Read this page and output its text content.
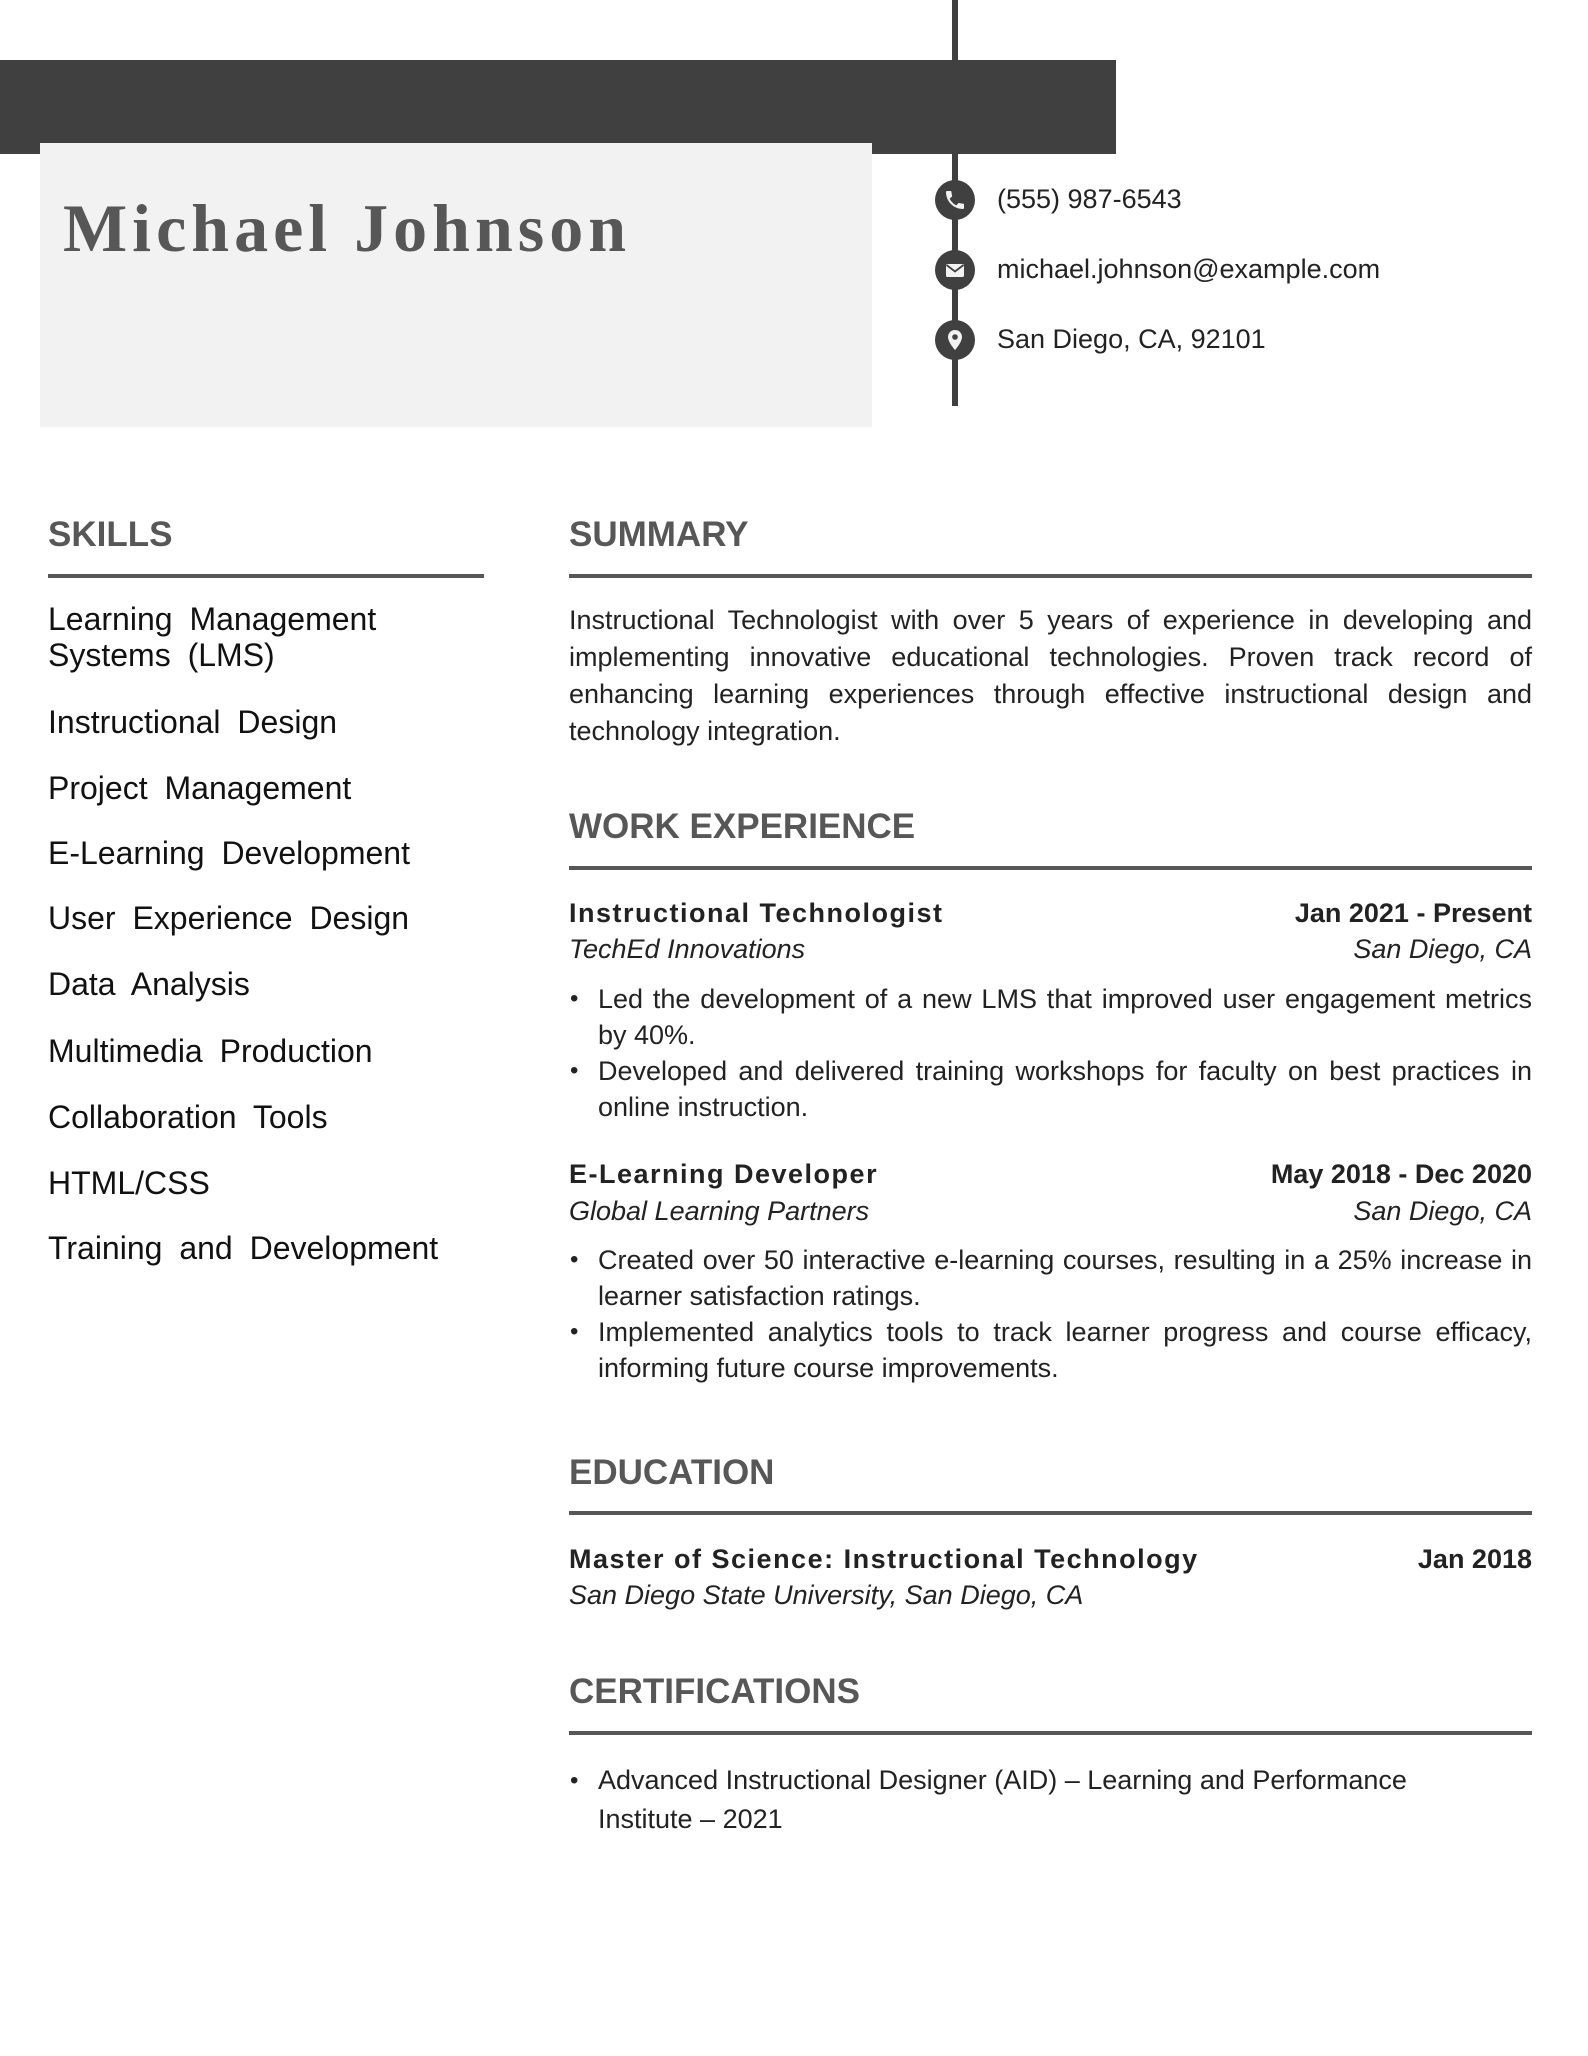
Michael Johnson	(555) 987-6543
michael.johnson@example.com
San Diego, CA, 92101
SKILLS
Learning Management Systems (LMS)
Instructional Design
Project Management
E-Learning Development
User Experience Design
Data Analysis
Multimedia Production
Collaboration Tools
HTML/CSS
Training and Development
SUMMARY
Instructional Technologist with over 5 years of experience in developing and implementing innovative educational technologies. Proven track record of enhancing learning experiences through effective instructional design and technology integration.
WORK EXPERIENCE
Instructional Technologist	Jan 2021 - Present
TechEd Innovations	San Diego, CA
• Led the development of a new LMS that improved user engagement metrics by 40%.
• Developed and delivered training workshops for faculty on best practices in online instruction.
E-Learning Developer	May 2018 - Dec 2020
Global Learning Partners	San Diego, CA
• Created over 50 interactive e-learning courses, resulting in a 25% increase in learner satisfaction ratings.
• Implemented analytics tools to track learner progress and course efficacy, informing future course improvements.
EDUCATION
Master of Science: Instructional Technology	Jan 2018
San Diego State University, San Diego, CA
CERTIFICATIONS
• Advanced Instructional Designer (AID) – Learning and Performance Institute – 2021
